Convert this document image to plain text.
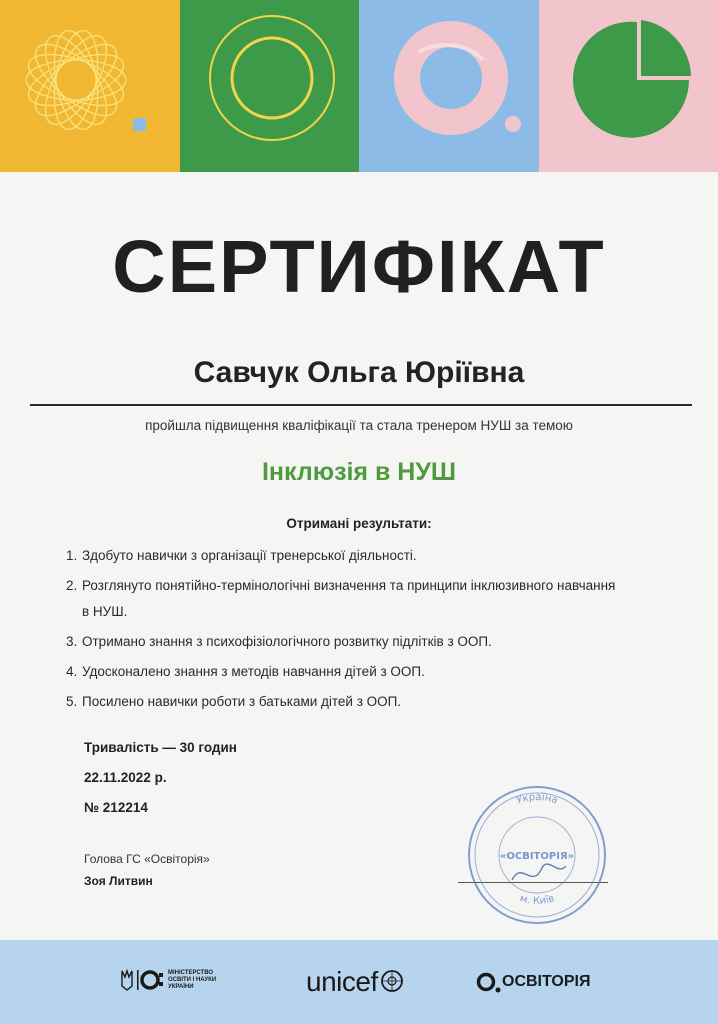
СЕРТИФІКАТ
Савчук Ольга Юріївна
пройшла підвищення кваліфікації та стала тренером НУШ за темою
Інклюзія в НУШ
Отримані результати:
1. Здобуто навички з організації тренерської діяльності.
2. Розглянуто понятійно-термінологічні визначення та принципи інклюзивного навчання в НУШ.
3. Отримано знання з психофізіологічного розвитку підлітків з ООП.
4. Удосконалено знання з методів навчання дітей з ООП.
5. Посилено навички роботи з батьками дітей з ООП.
Тривалість — 30 годин
22.11.2022 р.
№ 212214
Голова ГС «Освіторія»
Зоя Литвин
Україна
м. Київ
«ОСВІТОРІЯ»
МІНІСТЕРСТВО ОСВІТИ І НАУКИ УКРАЇНИ	unicef	ОСВІТОРІЯ
